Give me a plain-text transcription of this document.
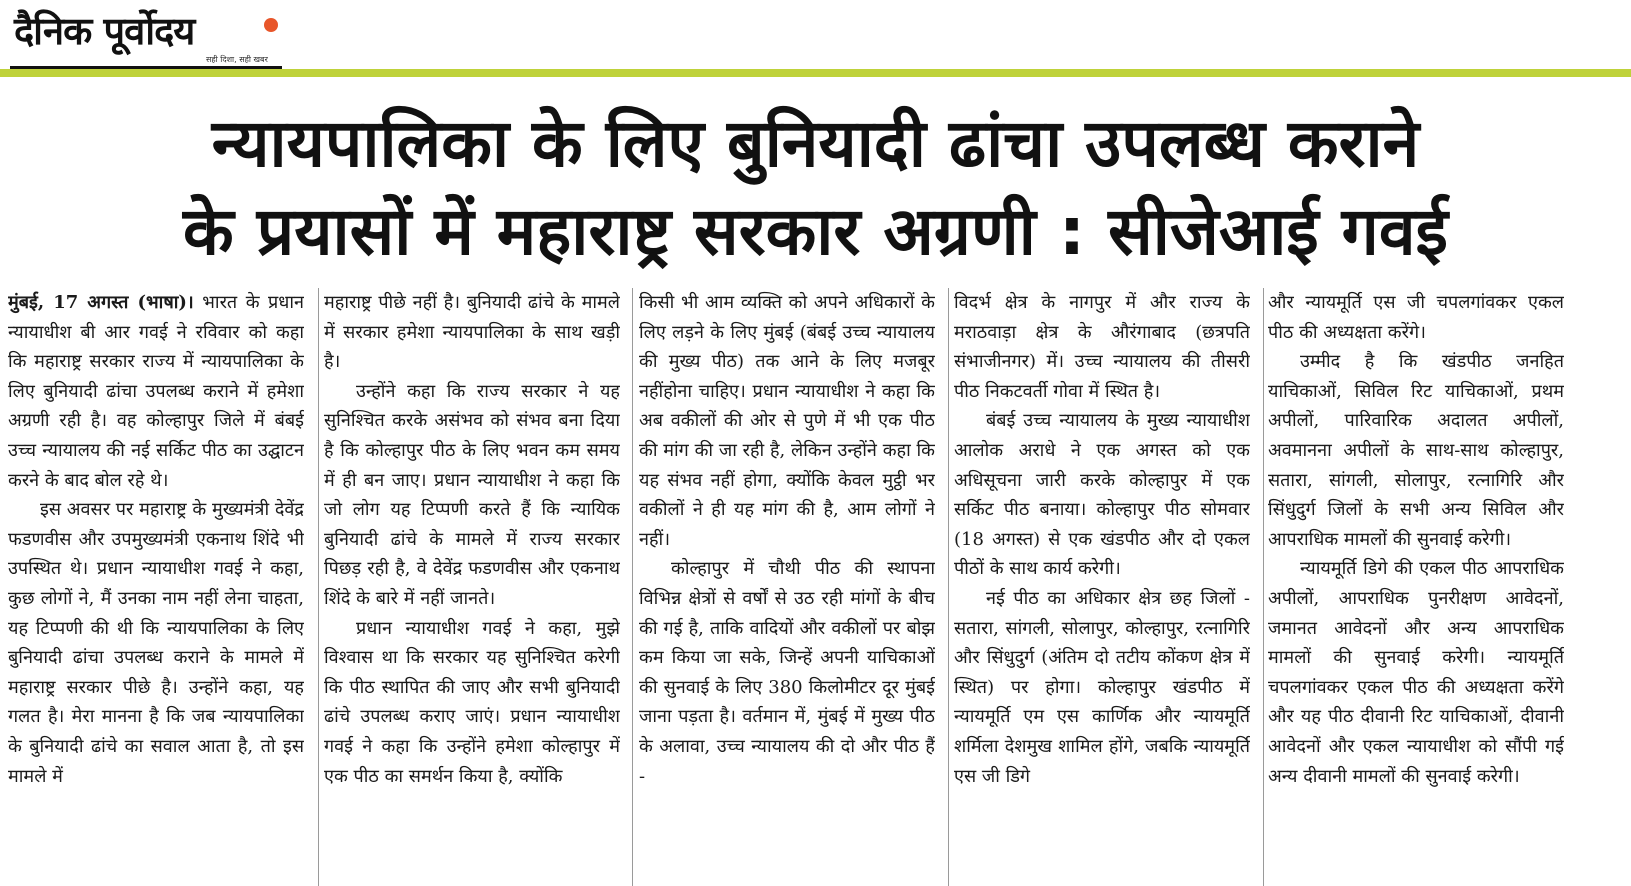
दैनिक पूर्वोदय
सही दिशा, सही खबर
न्यायपालिका के लिए बुनियादी ढांचा उपलब्ध कराने
के प्रयासों में महाराष्ट्र सरकार अग्रणी : सीजेआई गवई

मुंबई, 17 अगस्त (भाषा)। भारत के प्रधान न्यायाधीश बी आर गवई ने रविवार को कहा कि महाराष्ट्र सरकार राज्य में न्यायपालिका के लिए बुनियादी ढांचा उपलब्ध कराने में हमेशा अग्रणी रही है। वह कोल्हापुर जिले में बंबई उच्च न्यायालय की नई सर्किट पीठ का उद्घाटन करने के बाद बोल रहे थे।

इस अवसर पर महाराष्ट्र के मुख्यमंत्री देवेंद्र फडणवीस और उपमुख्यमंत्री एकनाथ शिंदे भी उपस्थित थे। प्रधान न्यायाधीश गवई ने कहा, कुछ लोगों ने, मैं उनका नाम नहीं लेना चाहता, यह टिप्पणी की थी कि न्यायपालिका के लिए बुनियादी ढांचा उपलब्ध कराने के मामले में महाराष्ट्र सरकार पीछे है। उन्होंने कहा, यह गलत है। मेरा मानना है कि जब न्यायपालिका के बुनियादी ढांचे का सवाल आता है, तो इस मामले में

महाराष्ट्र पीछे नहीं है। बुनियादी ढांचे के मामले में सरकार हमेशा न्यायपालिका के साथ खड़ी है।

उन्होंने कहा कि राज्य सरकार ने यह सुनिश्चित करके असंभव को संभव बना दिया है कि कोल्हापुर पीठ के लिए भवन कम समय में ही बन जाए। प्रधान न्यायाधीश ने कहा कि जो लोग यह टिप्पणी करते हैं कि न्यायिक बुनियादी ढांचे के मामले में राज्य सरकार पिछड़ रही है, वे देवेंद्र फडणवीस और एकनाथ शिंदे के बारे में नहीं जानते।

प्रधान न्यायाधीश गवई ने कहा, मुझे विश्वास था कि सरकार यह सुनिश्चित करेगी कि पीठ स्थापित की जाए और सभी बुनियादी ढांचे उपलब्ध कराए जाएं। प्रधान न्यायाधीश गवई ने कहा कि उन्होंने हमेशा कोल्हापुर में एक पीठ का समर्थन किया है, क्योंकि

किसी भी आम व्यक्ति को अपने अधिकारों के लिए लड़ने के लिए मुंबई (बंबई उच्च न्यायालय की मुख्य पीठ) तक आने के लिए मजबूर नहींहोना चाहिए। प्रधान न्यायाधीश ने कहा कि अब वकीलों की ओर से पुणे में भी एक पीठ की मांग की जा रही है, लेकिन उन्होंने कहा कि यह संभव नहीं होगा, क्योंकि केवल मुट्ठी भर वकीलों ने ही यह मांग की है, आम लोगों ने नहीं।

कोल्हापुर में चौथी पीठ की स्थापना विभिन्न क्षेत्रों से वर्षों से उठ रही मांगों के बीच की गई है, ताकि वादियों और वकीलों पर बोझ कम किया जा सके, जिन्हें अपनी याचिकाओं की सुनवाई के लिए 380 किलोमीटर दूर मुंबई जाना पड़ता है। वर्तमान में, मुंबई में मुख्य पीठ के अलावा, उच्च न्यायालय की दो और पीठ हैं -

विदर्भ क्षेत्र के नागपुर में और राज्य के मराठवाड़ा क्षेत्र के औरंगाबाद (छत्रपति संभाजीनगर) में। उच्च न्यायालय की तीसरी पीठ निकटवर्ती गोवा में स्थित है।

बंबई उच्च न्यायालय के मुख्य न्यायाधीश आलोक अराधे ने एक अगस्त को एक अधिसूचना जारी करके कोल्हापुर में एक सर्किट पीठ बनाया। कोल्हापुर पीठ सोमवार (18 अगस्त) से एक खंडपीठ और दो एकल पीठों के साथ कार्य करेगी।

नई पीठ का अधिकार क्षेत्र छह जिलों - सतारा, सांगली, सोलापुर, कोल्हापुर, रत्नागिरि और सिंधुदुर्ग (अंतिम दो तटीय कोंकण क्षेत्र में स्थित) पर होगा। कोल्हापुर खंडपीठ में न्यायमूर्ति एम एस कार्णिक और न्यायमूर्ति शर्मिला देशमुख शामिल होंगे, जबकि न्यायमूर्ति एस जी डिगे

और न्यायमूर्ति एस जी चपलगांवकर एकल पीठ की अध्यक्षता करेंगे।

उम्मीद है कि खंडपीठ जनहित याचिकाओं, सिविल रिट याचिकाओं, प्रथम अपीलों, पारिवारिक अदालत अपीलों, अवमानना अपीलों के साथ-साथ कोल्हापुर, सतारा, सांगली, सोलापुर, रत्नागिरि और सिंधुदुर्ग जिलों के सभी अन्य सिविल और आपराधिक मामलों की सुनवाई करेगी।

न्यायमूर्ति डिगे की एकल पीठ आपराधिक अपीलों, आपराधिक पुनरीक्षण आवेदनों, जमानत आवेदनों और अन्य आपराधिक मामलों की सुनवाई करेगी। न्यायमूर्ति चपलगांवकर एकल पीठ की अध्यक्षता करेंगे और यह पीठ दीवानी रिट याचिकाओं, दीवानी आवेदनों और एकल न्यायाधीश को सौंपी गई अन्य दीवानी मामलों की सुनवाई करेगी।
